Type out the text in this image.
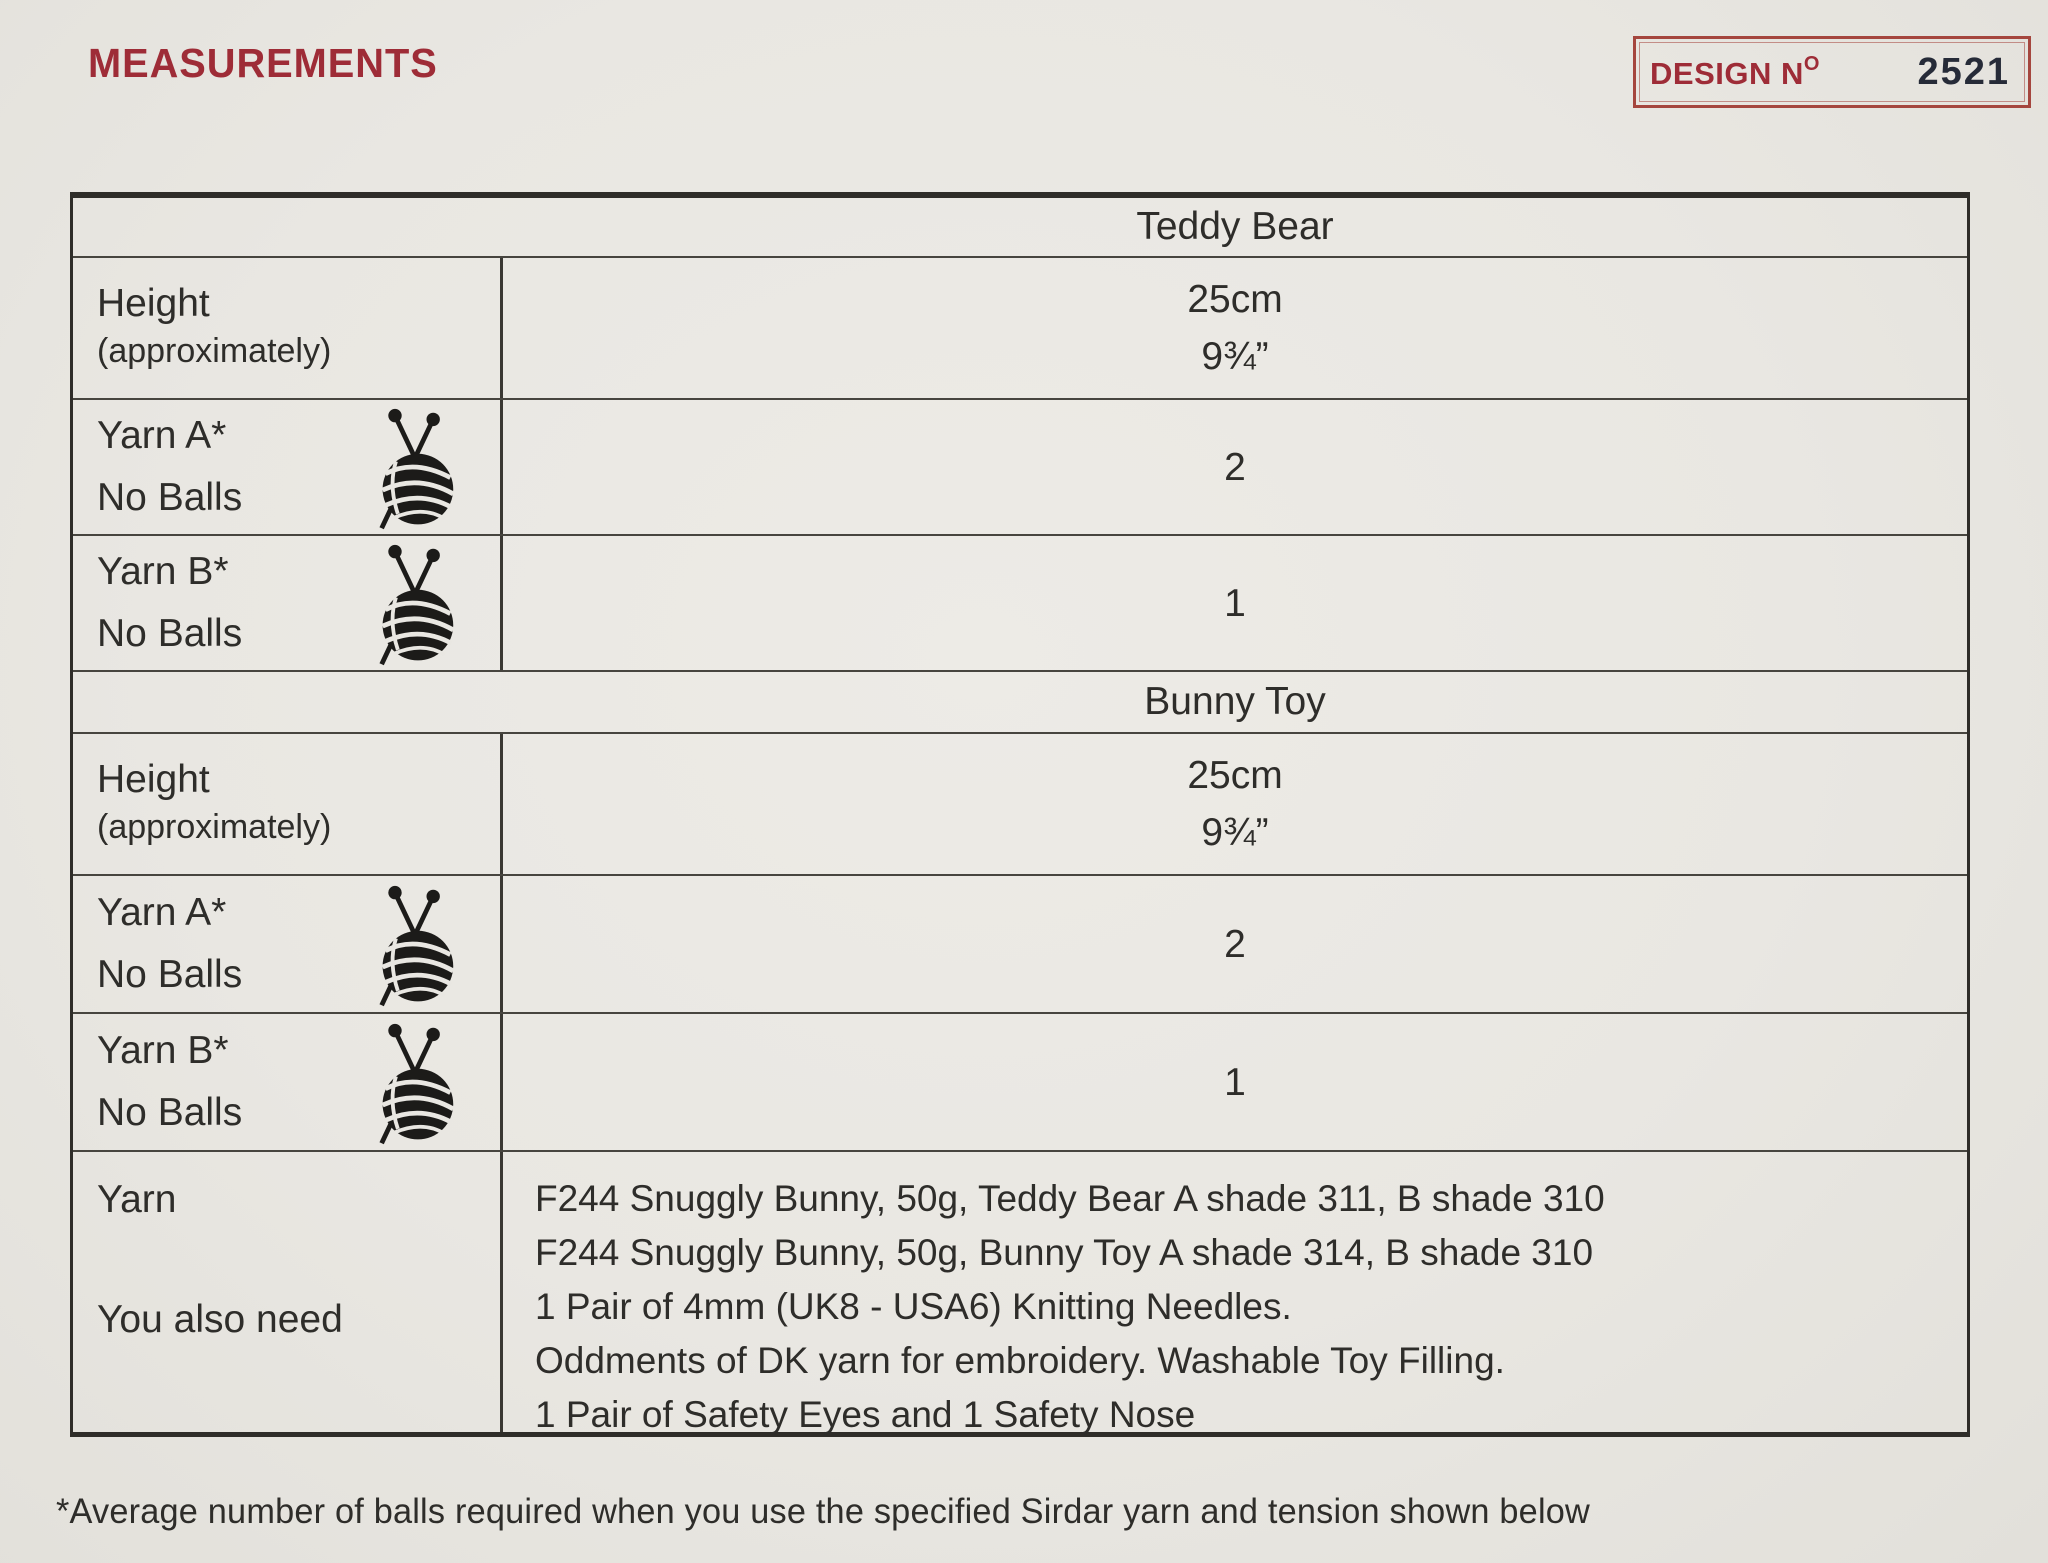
MEASUREMENTS	DESIGN $N^O$	2521
Teddy Bear
Height
(approximately)
25cm
9¾”
Yarn A*
No Balls
2
Yarn B*
No Balls
1
Bunny Toy
Height
(approximately)
25cm
9¾”
Yarn A*
No Balls
2
Yarn B*
No Balls
1
Yarn
You also need
F244 Snuggly Bunny, 50g, Teddy Bear A shade 311, B shade 310
F244 Snuggly Bunny, 50g, Bunny Toy A shade 314, B shade 310
1 Pair of 4mm (UK8 - USA6) Knitting Needles.
Oddments of DK yarn for embroidery. Washable Toy Filling.
1 Pair of Safety Eyes and 1 Safety Nose
*Average number of balls required when you use the specified Sirdar yarn and tension shown below
